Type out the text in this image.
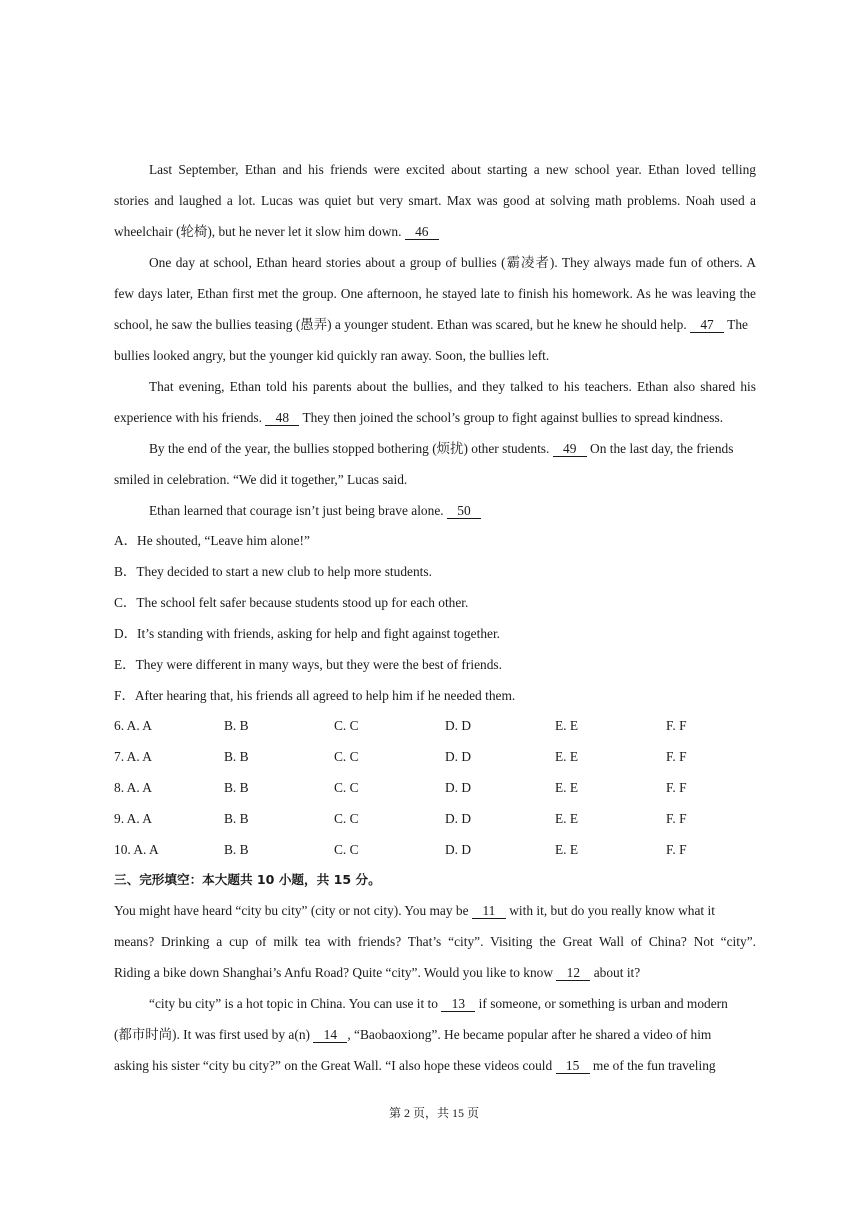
Last September, Ethan and his friends were excited about starting a new school year. Ethan loved telling
stories and laughed a lot. Lucas was quiet but very smart. Max was good at solving math problems. Noah used a
wheelchair (轮椅), but he never let it slow him down. 46
One day at school, Ethan heard stories about a group of bullies (霸凌者). They always made fun of others. A
few days later, Ethan first met the group. One afternoon, he stayed late to finish his homework. As he was leaving the
school, he saw the bullies teasing (愚弄) a younger student. Ethan was scared, but he knew he should help. 47 The
bullies looked angry, but the younger kid quickly ran away. Soon, the bullies left.
That evening, Ethan told his parents about the bullies, and they talked to his teachers. Ethan also shared his
experience with his friends. 48 They then joined the school’s group to fight against bullies to spread kindness.
By the end of the year, the bullies stopped bothering (烦扰) other students. 49 On the last day, the friends
smiled in celebration. “We did it together,” Lucas said.
Ethan learned that courage isn’t just being brave alone. 50
A．He shouted, “Leave him alone!”
B．They decided to start a new club to help more students.
C．The school felt safer because students stood up for each other.
D．It’s standing with friends, asking for help and fight against together.
E．They were different in many ways, but they were the best of friends.
F．After hearing that, his friends all agreed to help him if he needed them.
6. A. A	B. B	C. C	D. D	E. E	F. F
7. A. A	B. B	C. C	D. D	E. E	F. F
8. A. A	B. B	C. C	D. D	E. E	F. F
9. A. A	B. B	C. C	D. D	E. E	F. F
10. A. A	B. B	C. C	D. D	E. E	F. F
三、完形填空：本大题共 10 小题，共 15 分。
You might have heard “city bu city” (city or not city). You may be 11 with it, but do you really know what it
means? Drinking a cup of milk tea with friends? That’s “city”. Visiting the Great Wall of China? Not “city”.
Riding a bike down Shanghai’s Anfu Road? Quite “city”. Would you like to know 12 about it?
“city bu city” is a hot topic in China. You can use it to 13 if someone, or something is urban and modern
(都市时尚). It was first used by a(n) 14 , “Baobaoxiong”. He became popular after he shared a video of him
asking his sister “city bu city?” on the Great Wall. “I also hope these videos could 15 me of the fun traveling
第 2 页，共 15 页
